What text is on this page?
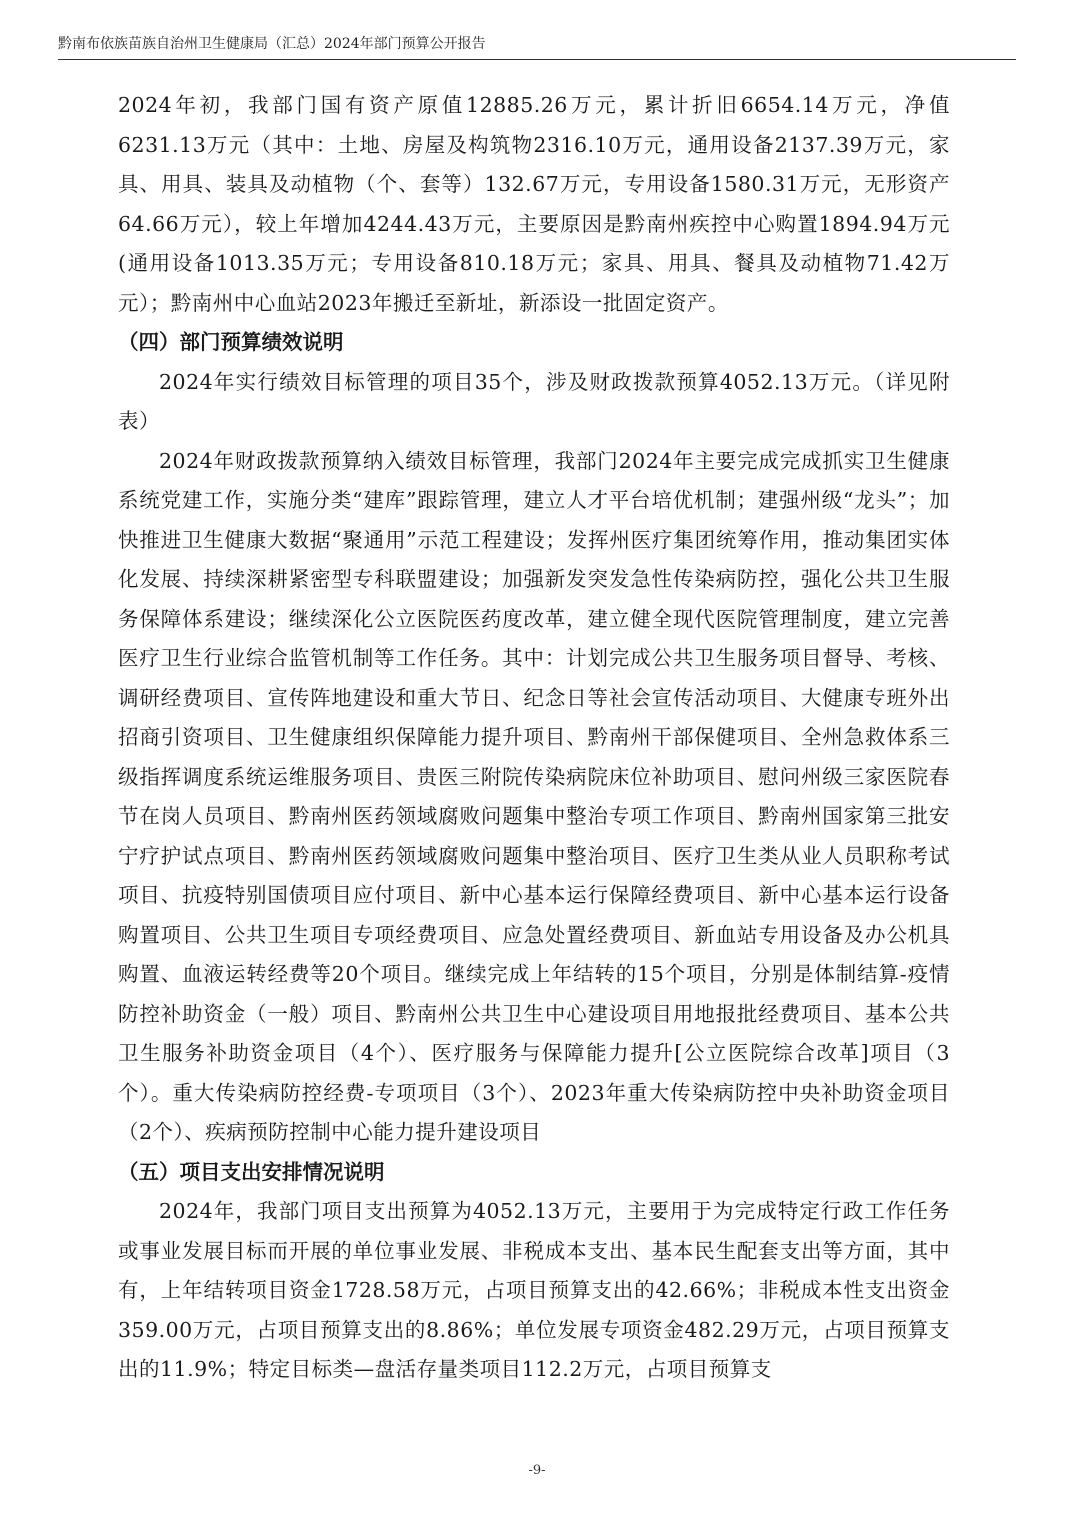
黔南布依族苗族自治州卫生健康局（汇总）2024年部门预算公开报告

2024年初，我部门国有资产原值12885.26万元，累计折旧6654.14万元，净值6231.13万元（其中：土地、房屋及构筑物2316.10万元，通用设备2137.39万元，家具、用具、装具及动植物（个、套等）132.67万元，专用设备1580.31万元，无形资产64.66万元），较上年增加4244.43万元，主要原因是黔南州疾控中心购置1894.94万元(通用设备1013.35万元；专用设备810.18万元；家具、用具、餐具及动植物71.42万元）；黔南州中心血站2023年搬迁至新址，新添设一批固定资产。

（四）部门预算绩效说明

2024年实行绩效目标管理的项目35个，涉及财政拨款预算4052.13万元。（详见附表）

2024年财政拨款预算纳入绩效目标管理，我部门2024年主要完成完成抓实卫生健康系统党建工作，实施分类“建库”跟踪管理，建立人才平台培优机制；建强州级“龙头”；加快推进卫生健康大数据“聚通用”示范工程建设；发挥州医疗集团统筹作用，推动集团实体化发展、持续深耕紧密型专科联盟建设；加强新发突发急性传染病防控，强化公共卫生服务保障体系建设；继续深化公立医院医药度改革，建立健全现代医院管理制度，建立完善医疗卫生行业综合监管机制等工作任务。其中：计划完成公共卫生服务项目督导、考核、调研经费项目、宣传阵地建设和重大节日、纪念日等社会宣传活动项目、大健康专班外出招商引资项目、卫生健康组织保障能力提升项目、黔南州干部保健项目、全州急救体系三级指挥调度系统运维服务项目、贵医三附院传染病院床位补助项目、慰问州级三家医院春节在岗人员项目、黔南州医药领域腐败问题集中整治专项工作项目、黔南州国家第三批安宁疗护试点项目、黔南州医药领域腐败问题集中整治项目、医疗卫生类从业人员职称考试项目、抗疫特别国债项目应付项目、新中心基本运行保障经费项目、新中心基本运行设备购置项目、公共卫生项目专项经费项目、应急处置经费项目、新血站专用设备及办公机具购置、血液运转经费等20个项目。继续完成上年结转的15个项目，分别是体制结算-疫情防控补助资金（一般）项目、黔南州公共卫生中心建设项目用地报批经费项目、基本公共卫生服务补助资金项目（4个）、医疗服务与保障能力提升[公立医院综合改革]项目（3个）。重大传染病防控经费-专项项目（3个）、2023年重大传染病防控中央补助资金项目（2个）、疾病预防控制中心能力提升建设项目

（五）项目支出安排情况说明

2024年，我部门项目支出预算为4052.13万元，主要用于为完成特定行政工作任务或事业发展目标而开展的单位事业发展、非税成本支出、基本民生配套支出等方面，其中有，上年结转项目资金1728.58万元，占项目预算支出的42.66%；非税成本性支出资金359.00万元，占项目预算支出的8.86%；单位发展专项资金482.29万元，占项目预算支出的11.9%；特定目标类—盘活存量类项目112.2万元，占项目预算支

-9-
